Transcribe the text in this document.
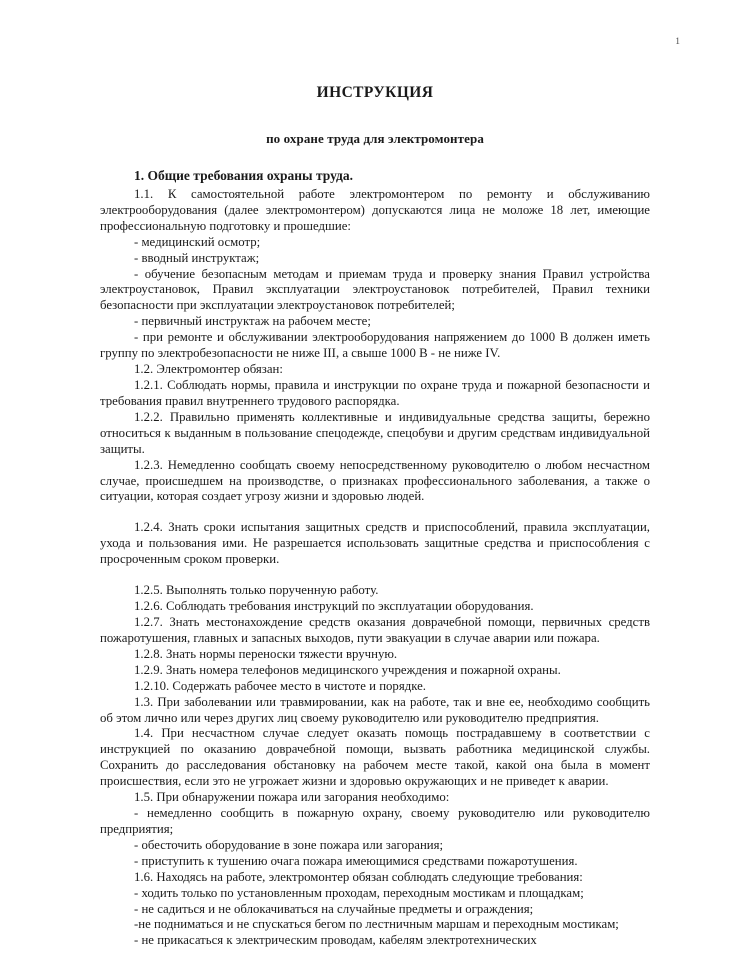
1
ИНСТРУКЦИЯ
по охране труда для электромонтера
1. Общие требования охраны труда.

1.1. К самостоятельной работе электромонтером по ремонту и обслуживанию электрооборудования (далее электромонтером) допускаются лица не моложе 18 лет, имеющие профессиональную подготовку и прошедшие:

- медицинский осмотр;

- вводный инструктаж;

- обучение безопасным методам и приемам труда и проверку знания Правил устройства электроустановок, Правил эксплуатации электроустановок потребителей, Правил техники безопасности при эксплуатации электроустановок потребителей;

- первичный инструктаж на рабочем месте;

- при ремонте и обслуживании электрооборудования напряжением до 1000 В должен иметь группу по электробезопасности не ниже III, а свыше 1000 В - не ниже IV.

1.2. Электромонтер обязан:

1.2.1. Соблюдать нормы, правила и инструкции по охране труда и пожарной безопасности и требования правил внутреннего трудового распорядка.

1.2.2. Правильно применять коллективные и индивидуальные средства защиты, бережно относиться к выданным в пользование спецодежде, спецобуви и другим средствам индивидуальной защиты.

1.2.3. Немедленно сообщать своему непосредственному руководителю о любом несчастном случае, происшедшем на производстве, о признаках профессионального заболевания, а также о ситуации, которая создает угрозу жизни и здоровью людей.

1.2.4. Знать сроки испытания защитных средств и приспособлений, правила эксплуатации, ухода и пользования ими. Не разрешается использовать защитные средства и приспособления с просроченным сроком проверки.

1.2.5. Выполнять только порученную работу.

1.2.6. Соблюдать требования инструкций по эксплуатации оборудования.

1.2.7. Знать местонахождение средств оказания доврачебной помощи, первичных средств пожаротушения, главных и запасных выходов, пути эвакуации в случае аварии или пожара.

1.2.8. Знать нормы переноски тяжести вручную.

1.2.9. Знать номера телефонов медицинского учреждения и пожарной охраны.

1.2.10. Содержать рабочее место в чистоте и порядке.

1.3. При заболевании или травмировании, как на работе, так и вне ее, необходимо сообщить об этом лично или через других лиц своему руководителю или руководителю предприятия.

1.4. При несчастном случае следует оказать помощь пострадавшему в соответствии с инструкцией по оказанию доврачебной помощи, вызвать работника медицинской службы. Сохранить до расследования обстановку на рабочем месте такой, какой она была в момент происшествия, если это не угрожает жизни и здоровью окружающих и не приведет к аварии.

1.5. При обнаружении пожара или загорания необходимо:

- немедленно сообщить в пожарную охрану, своему руководителю или руководителю предприятия;

- обесточить оборудование в зоне пожара или загорания;

- приступить к тушению очага пожара имеющимися средствами пожаротушения.

1.6. Находясь на работе, электромонтер обязан соблюдать следующие требования:

- ходить только по установленным проходам, переходным мостикам и площадкам;

- не садиться и не облокачиваться на случайные предметы и ограждения;

-не подниматься и не спускаться бегом по лестничным маршам и переходным мостикам;

- не прикасаться к электрическим проводам, кабелям электротехнических
